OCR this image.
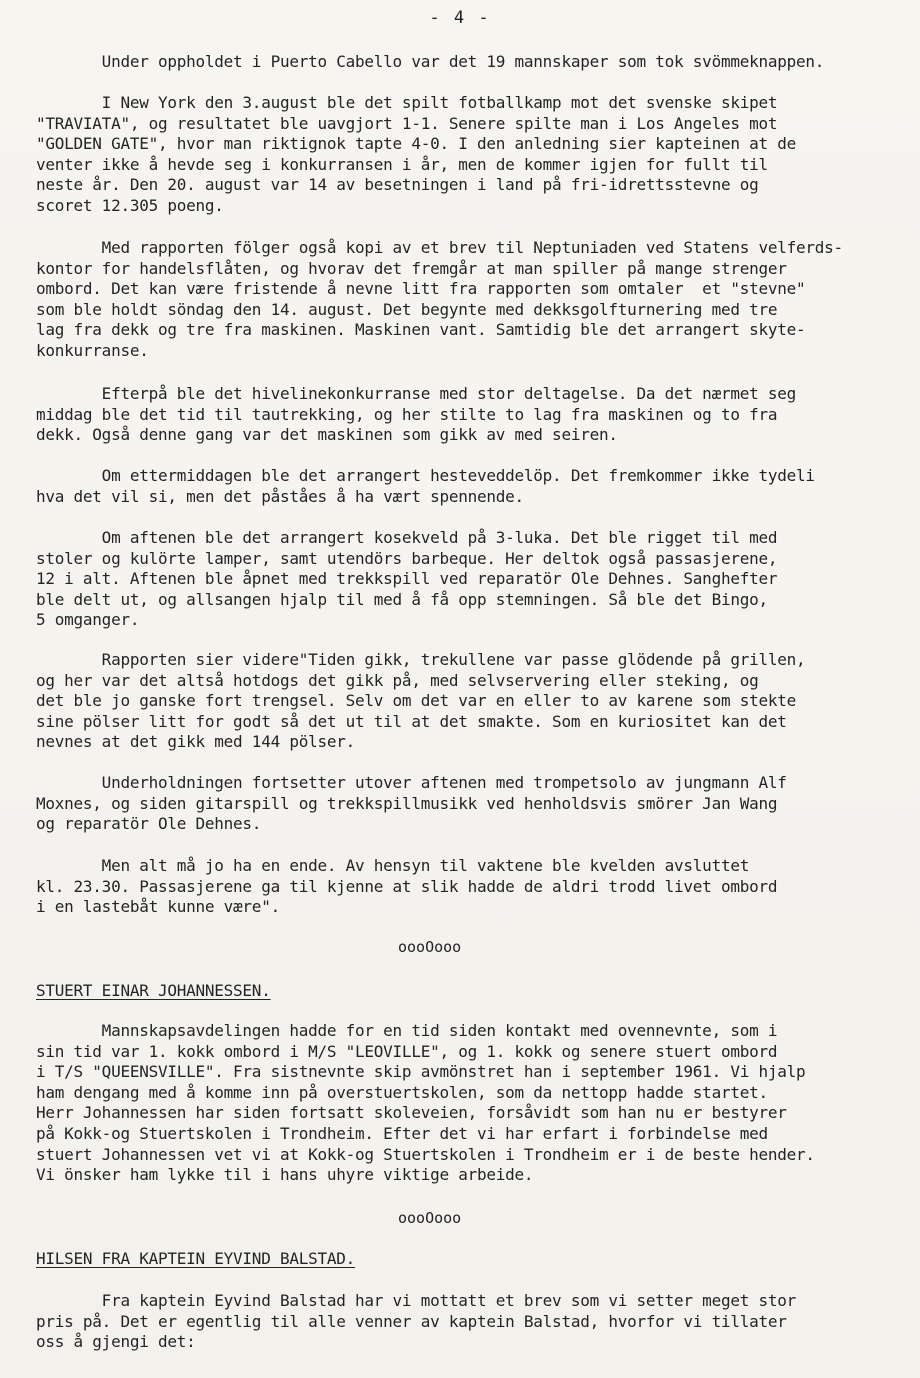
- 4 -
Under oppholdet i Puerto Cabello var det 19 mannskaper som tok svömmeknappen.
I New York den 3.august ble det spilt fotballkamp mot det svenske skipet
"TRAVIATA", og resultatet ble uavgjort 1-1. Senere spilte man i Los Angeles mot
"GOLDEN GATE", hvor man riktignok tapte 4-0. I den anledning sier kapteinen at de
venter ikke å hevde seg i konkurransen i år, men de kommer igjen for fullt til
neste år. Den 20. august var 14 av besetningen i land på fri-idrettsstevne og
scoret 12.305 poeng.
Med rapporten fölger også kopi av et brev til Neptuniaden ved Statens velferds-
kontor for handelsflåten, og hvorav det fremgår at man spiller på mange strenger
ombord. Det kan være fristende å nevne litt fra rapporten som omtaler  et "stevne"
som ble holdt söndag den 14. august. Det begynte med dekksgolfturnering med tre
lag fra dekk og tre fra maskinen. Maskinen vant. Samtidig ble det arrangert skyte-
konkurranse.
Efterpå ble det hivelinekonkurranse med stor deltagelse. Da det nærmet seg
middag ble det tid til tautrekking, og her stilte to lag fra maskinen og to fra
dekk. Også denne gang var det maskinen som gikk av med seiren.
Om ettermiddagen ble det arrangert hesteveddelöp. Det fremkommer ikke tydeli
hva det vil si, men det påståes å ha vært spennende.
Om aftenen ble det arrangert kosekveld på 3-luka. Det ble rigget til med
stoler og kulörte lamper, samt utendörs barbeque. Her deltok også passasjerene,
12 i alt. Aftenen ble åpnet med trekkspill ved reparatör Ole Dehnes. Sanghefter
ble delt ut, og allsangen hjalp til med å få opp stemningen. Så ble det Bingo,
5 omganger.
Rapporten sier videre"Tiden gikk, trekullene var passe glödende på grillen,
og her var det altså hotdogs det gikk på, med selvservering eller steking, og
det ble jo ganske fort trengsel. Selv om det var en eller to av karene som stekte
sine pölser litt for godt så det ut til at det smakte. Som en kuriositet kan det
nevnes at det gikk med 144 pölser.
Underholdningen fortsetter utover aftenen med trompetsolo av jungmann Alf
Moxnes, og siden gitarspill og trekkspillmusikk ved henholdsvis smörer Jan Wang
og reparatör Ole Dehnes.
Men alt må jo ha en ende. Av hensyn til vaktene ble kvelden avsluttet
kl. 23.30. Passasjerene ga til kjenne at slik hadde de aldri trodd livet ombord
i en lastebåt kunne være".
Mannskapsavdelingen hadde for en tid siden kontakt med ovennevnte, som i
sin tid var 1. kokk ombord i M/S "LEOVILLE", og 1. kokk og senere stuert ombord
i T/S "QUEENSVILLE". Fra sistnevnte skip avmönstret han i september 1961. Vi hjalp
ham dengang med å komme inn på overstuertskolen, som da nettopp hadde startet.
Herr Johannessen har siden fortsatt skoleveien, forsåvidt som han nu er bestyrer
på Kokk-og Stuertskolen i Trondheim. Efter det vi har erfart i forbindelse med
stuert Johannessen vet vi at Kokk-og Stuertskolen i Trondheim er i de beste hender.
Vi önsker ham lykke til i hans uhyre viktige arbeide.
Fra kaptein Eyvind Balstad har vi mottatt et brev som vi setter meget stor
pris på. Det er egentlig til alle venner av kaptein Balstad, hvorfor vi tillater
oss å gjengi det:
STUERT EINAR JOHANNESSEN.
HILSEN FRA KAPTEIN EYVIND BALSTAD.
oooOooo
oooOooo
